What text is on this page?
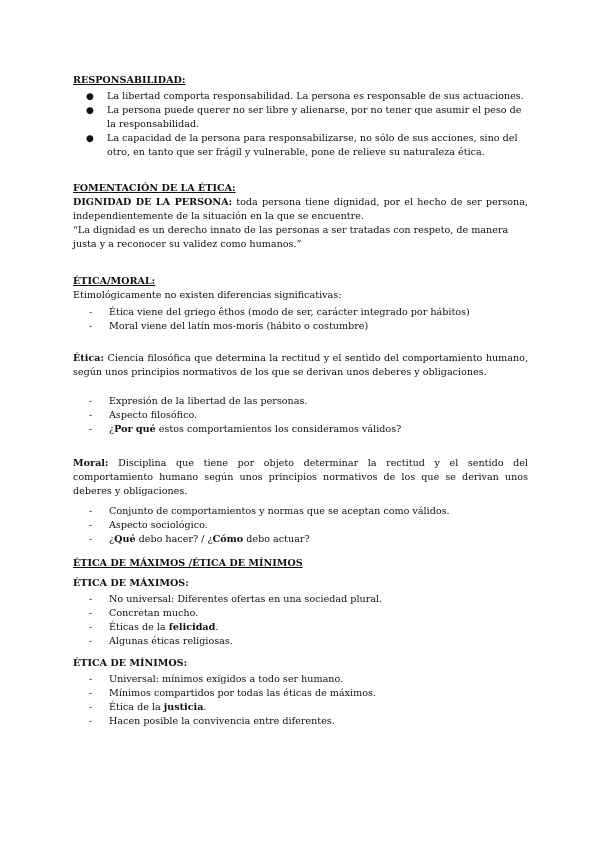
RESPONSABILIDAD:

● La libertad comporta responsabilidad. La persona es responsable de sus actuaciones.
● La persona puede querer no ser libre y alienarse, por no tener que asumir el peso de la responsabilidad.
● La capacidad de la persona para responsabilizarse, no sólo de sus acciones, sino del otro, en tanto que ser frágil y vulnerable, pone de relieve su naturaleza ética.

FOMENTACIÓN DE LA ÉTICA:

DIGNIDAD DE LA PERSONA: toda persona tiene dignidad, por el hecho de ser persona, independientemente de la situación en la que se encuentre.

“La dignidad es un derecho innato de las personas a ser tratadas con respeto, de manera justa y a reconocer su validez como humanos.”

ÉTICA/MORAL:

Etimológicamente no existen diferencias significativas:

- Ética viene del griego êthos (modo de ser, carácter integrado por hábitos)
- Moral viene del latín mos-moris (hábito o costumbre)

Ética: Ciencia filosófica que determina la rectitud y el sentido del comportamiento humano, según unos principios normativos de los que se derivan unos deberes y obligaciones.

- Expresión de la libertad de las personas.
- Aspecto filosófico.
- ¿Por qué estos comportamientos los consideramos válidos?

Moral: Disciplina que tiene por objeto determinar la rectitud y el sentido del comportamiento humano según unos principios normativos de los que se derivan unos deberes y obligaciones.

- Conjunto de comportamientos y normas que se aceptan como válidos.
- Aspecto sociológico.
- ¿Qué debo hacer? / ¿Cómo debo actuar?

ÉTICA DE MÁXIMOS /ÉTICA DE MÍNIMOS

ÉTICA DE MÁXIMOS:

- No universal: Diferentes ofertas en una sociedad plural.
- Concretan mucho.
- Éticas de la felicidad.
- Algunas éticas religiosas.

ÉTICA DE MÍNIMOS:

- Universal: mínimos exigidos a todo ser humano.
- Mínimos compartidos por todas las éticas de máximos.
- Ética de la justicia.
- Hacen posible la convivencia entre diferentes.
